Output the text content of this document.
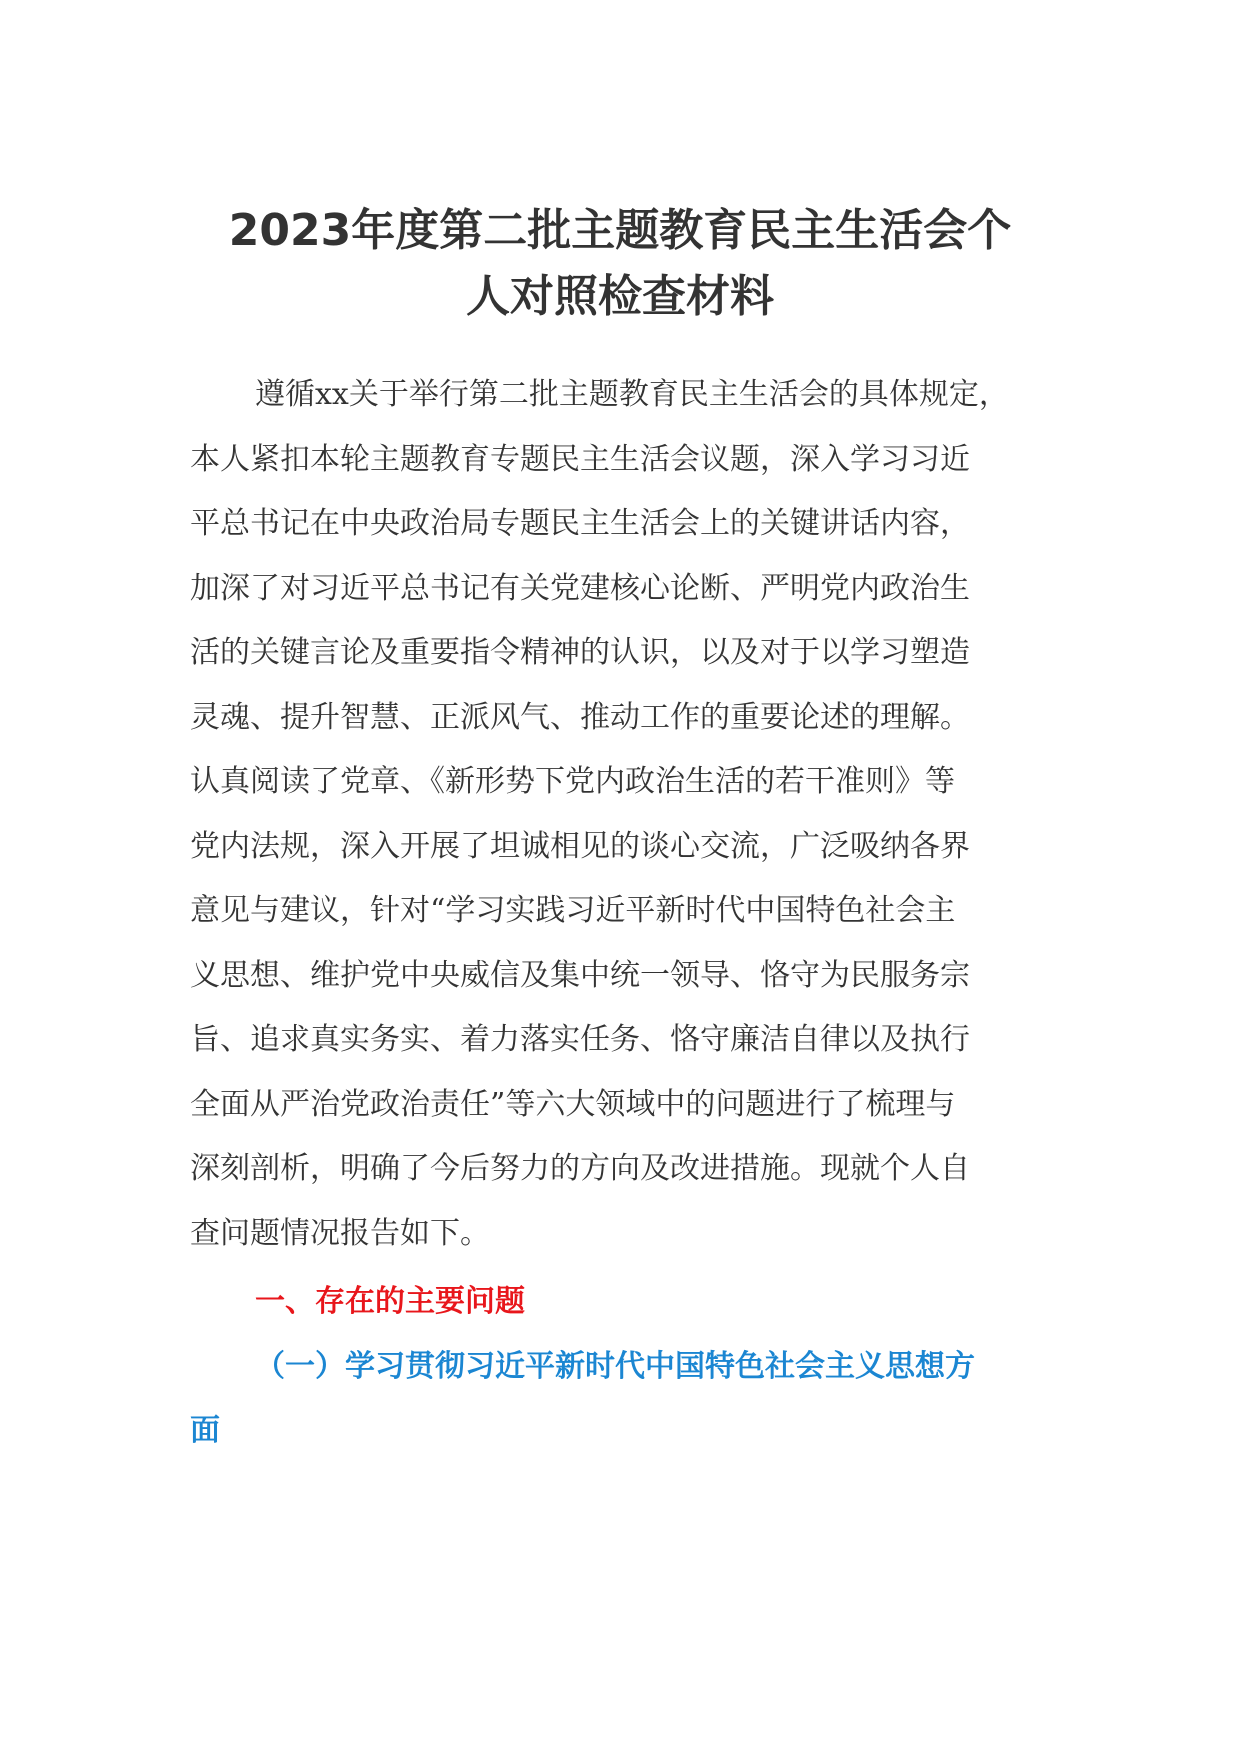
2023年度第二批主题教育民主生活会个
人对照检查材料
遵循xx关于举行第二批主题教育民主生活会的具体规定，
本人紧扣本轮主题教育专题民主生活会议题，深入学习习近
平总书记在中央政治局专题民主生活会上的关键讲话内容，
加深了对习近平总书记有关党建核心论断、严明党内政治生
活的关键言论及重要指令精神的认识，以及对于以学习塑造
灵魂、提升智慧、正派风气、推动工作的重要论述的理解。
认真阅读了党章、《新形势下党内政治生活的若干准则》等
党内法规，深入开展了坦诚相见的谈心交流，广泛吸纳各界
意见与建议，针对“学习实践习近平新时代中国特色社会主
义思想、维护党中央威信及集中统一领导、恪守为民服务宗
旨、追求真实务实、着力落实任务、恪守廉洁自律以及执行
全面从严治党政治责任”等六大领域中的问题进行了梳理与
深刻剖析，明确了今后努力的方向及改进措施。现就个人自
查问题情况报告如下。
一、存在的主要问题
（一）学习贯彻习近平新时代中国特色社会主义思想方
面
